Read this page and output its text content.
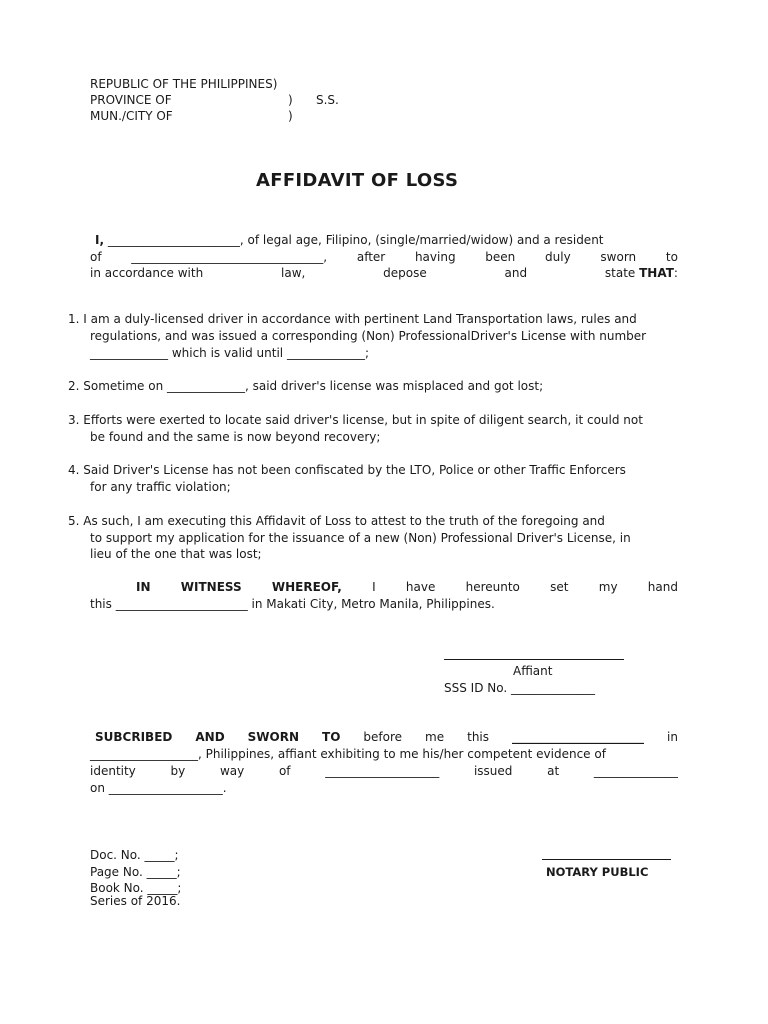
REPUBLIC OF THE PHILIPPINES)
PROVINCE OF	) S.S.
MUN./CITY OF	)
AFFIDAVIT OF LOSS
I, ______________________, of legal age, Filipino, (single/married/widow) and a resident
of ________________________________, after having been duly sworn to
in accordance with	law,	depose	and	state THAT:
1. I am a duly-licensed driver in accordance with pertinent Land Transportation laws, rules and
regulations, and was issued a corresponding (Non) ProfessionalDriver's License with number
_____________ which is valid until _____________;
2. Sometime on _____________, said driver's license was misplaced and got lost;
3. Efforts were exerted to locate said driver's license, but in spite of diligent search, it could not
be found and the same is now beyond recovery;
4. Said Driver's License has not been confiscated by the LTO, Police or other Traffic Enforcers
for any traffic violation;
5. As such, I am executing this Affidavit of Loss to attest to the truth of the foregoing and
to support my application for the issuance of a new (Non) Professional Driver's License, in
lieu of the one that was lost;
IN	WITNESS	WHEREOF,	I	have	hereunto	set	my	hand
this ______________________ in Makati City, Metro Manila, Philippines.
Affiant
SSS ID No. ______________
SUBCRIBED AND SWORN TO before me this ______________________ in
__________________, Philippines, affiant exhibiting to me his/her competent evidence of
identity	by	way	of	___________________	issued	at	______________
on ___________________.
Doc. No. _____;
Page No. _____;
Book No. _____;
Series of 2016.
NOTARY PUBLIC
